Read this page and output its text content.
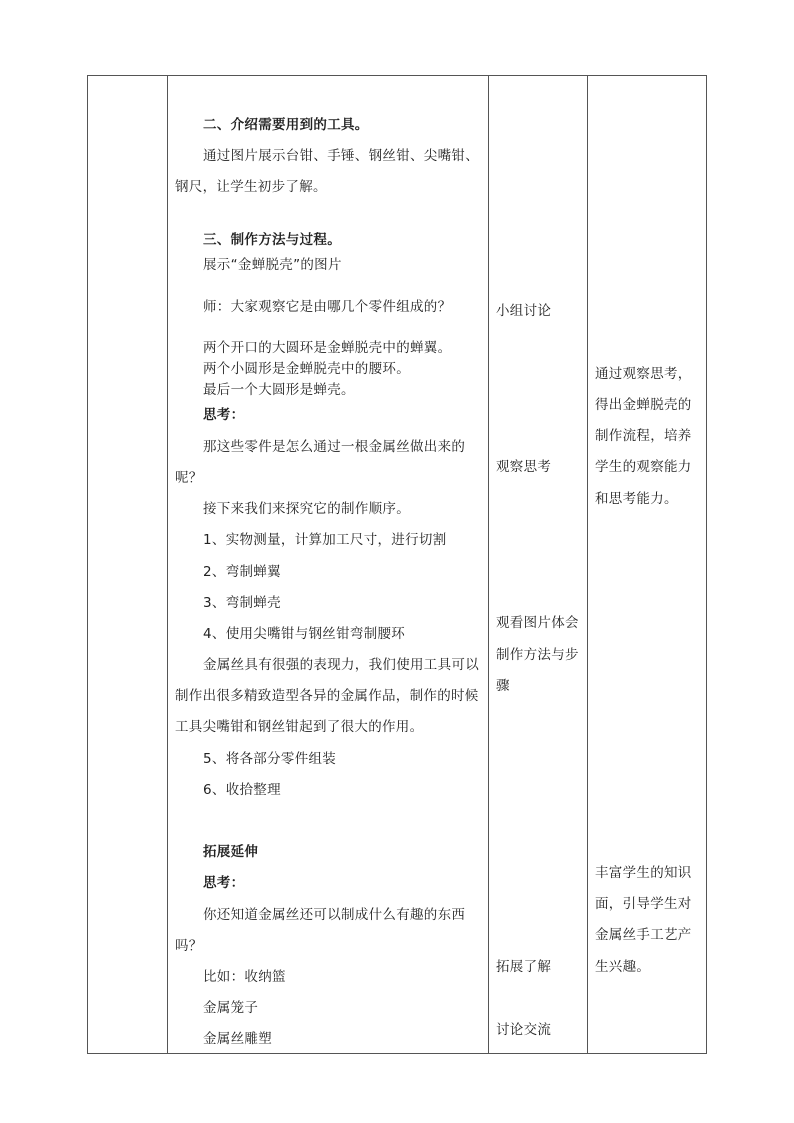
二、介绍需要用到的工具。
通过图片展示台钳、手锤、钢丝钳、尖嘴钳、
钢尺，让学生初步了解。
三、制作方法与过程。
展示“金蝉脱壳”的图片
师：大家观察它是由哪几个零件组成的？
两个开口的大圆环是金蝉脱壳中的蝉翼。
两个小圆形是金蝉脱壳中的腰环。
最后一个大圆形是蝉壳。
思考：
那这些零件是怎么通过一根金属丝做出来的
呢？
接下来我们来探究它的制作顺序。
1、实物测量，计算加工尺寸，进行切割
2、弯制蝉翼
3、弯制蝉壳
4、使用尖嘴钳与钢丝钳弯制腰环
金属丝具有很强的表现力，我们使用工具可以
制作出很多精致造型各异的金属作品，制作的时候
工具尖嘴钳和钢丝钳起到了很大的作用。
5、将各部分零件组装
6、收拾整理
拓展延伸
思考：
你还知道金属丝还可以制成什么有趣的东西
吗？
比如：收纳篮
金属笼子
金属丝雕塑
小组讨论
观察思考
观看图片体会
制作方法与步
骤
拓展了解
讨论交流
通过观察思考，
得出金蝉脱壳的
制作流程，培养
学生的观察能力
和思考能力。
丰富学生的知识
面，引导学生对
金属丝手工艺产
生兴趣。
